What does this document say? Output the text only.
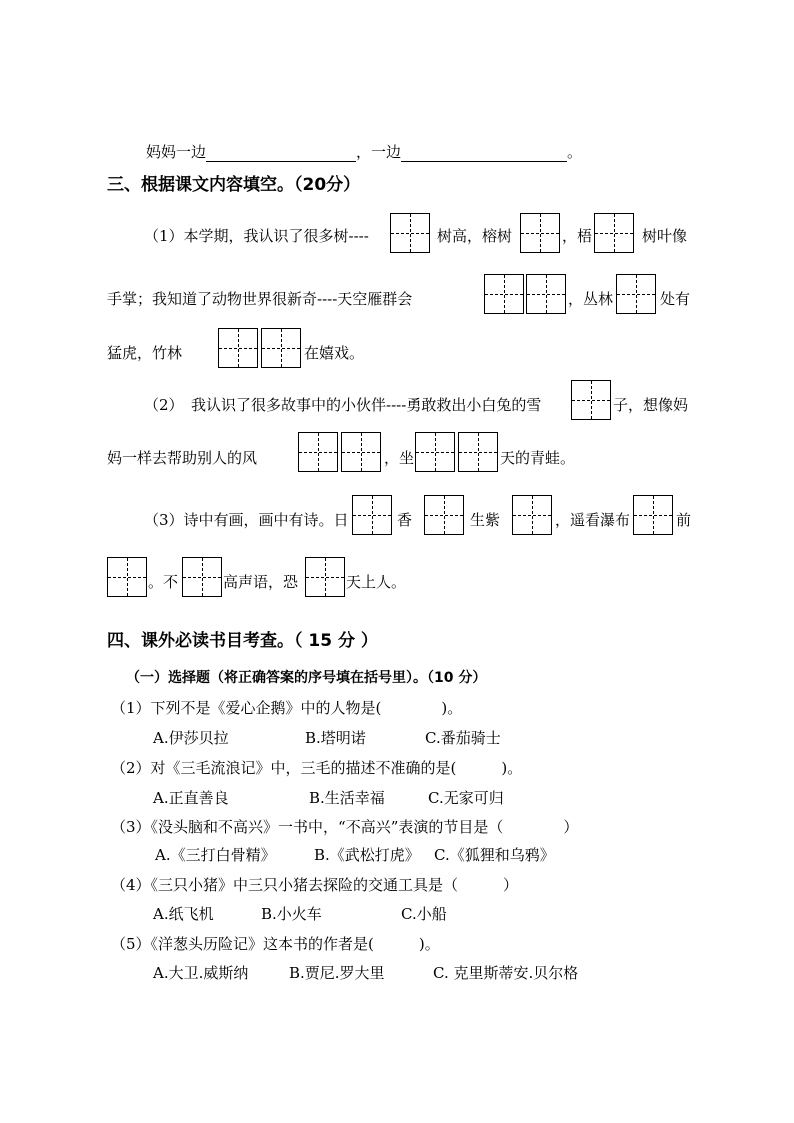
妈妈一边	，一边	。
三、根据课文内容填空。（20分）
（1）本学期，我认识了很多树----	树高，榕树	，梧	树叶像
手掌；我知道了动物世界很新奇----天空雁群会	，丛林	处有
猛虎，竹林	在嬉戏。
（2）　我认识了很多故事中的小伙伴----勇敢救出小白兔的雪	子，想像妈
妈一样去帮助别人的风	，坐	天的青蛙。
（3）诗中有画，画中有诗。日	香	生紫	，遥看瀑布	前
。不	高声语，恐	天上人。
四、课外必读书目考查。（ 15 分 ）
（一）选择题（将正确答案的序号填在括号里）。（10 分）
（1）下列不是《爱心企鹅》中的人物是(　　　　)。
A.伊莎贝拉	B.塔明诺	C.番茄骑士
（2）对《三毛流浪记》中，三毛的描述不准确的是(　　　)。
A.正直善良	B.生活幸福	C.无家可归
（3）《没头脑和不高兴》一书中，“不高兴”表演的节目是（　　　　）
A.《三打白骨精》	B.《武松打虎》 C.《狐狸和乌鸦》
（4）《三只小猪》中三只小猪去探险的交通工具是（　　　）
A.纸飞机	B.小火车	C.小船
（5）《洋葱头历险记》这本书的作者是(　　　)。
A.大卫.威斯纳	B.贾尼.罗大里	C. 克里斯蒂安.贝尔格
